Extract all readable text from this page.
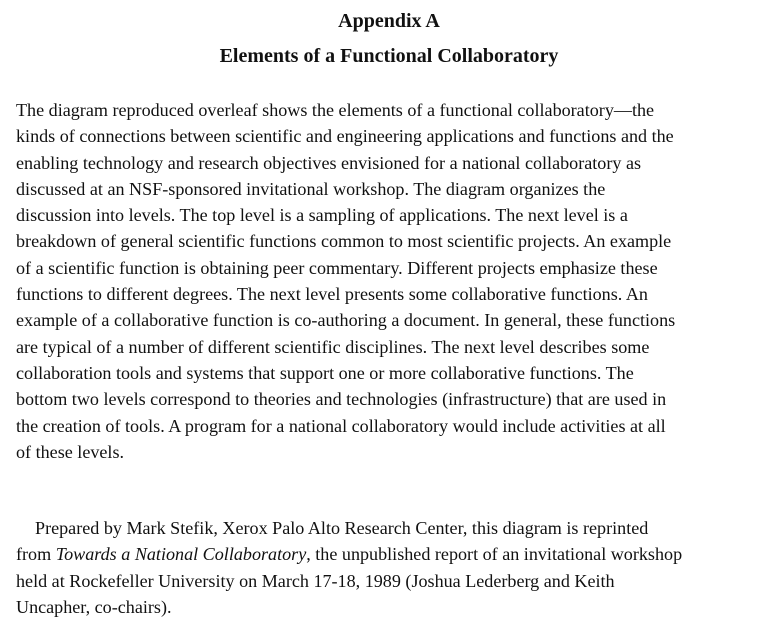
Appendix A
Elements of a Functional Collaboratory

The diagram reproduced overleaf shows the elements of a functional collaboratory—the
kinds of connections between scientific and engineering applications and functions and the
enabling technology and research objectives envisioned for a national collaboratory as
discussed at an NSF-sponsored invitational workshop. The diagram organizes the
discussion into levels. The top level is a sampling of applications. The next level is a
breakdown of general scientific functions common to most scientific projects. An example
of a scientific function is obtaining peer commentary. Different projects emphasize these
functions to different degrees. The next level presents some collaborative functions. An
example of a collaborative function is co-authoring a document. In general, these functions
are typical of a number of different scientific disciplines. The next level describes some
collaboration tools and systems that support one or more collaborative functions. The
bottom two levels correspond to theories and technologies (infrastructure) that are used in
the creation of tools. A program for a national collaboratory would include activities at all
of these levels.

Prepared by Mark Stefik, Xerox Palo Alto Research Center, this diagram is reprinted
from Towards a National Collaboratory, the unpublished report of an invitational workshop
held at Rockefeller University on March 17-18, 1989 (Joshua Lederberg and Keith
Uncapher, co-chairs).
